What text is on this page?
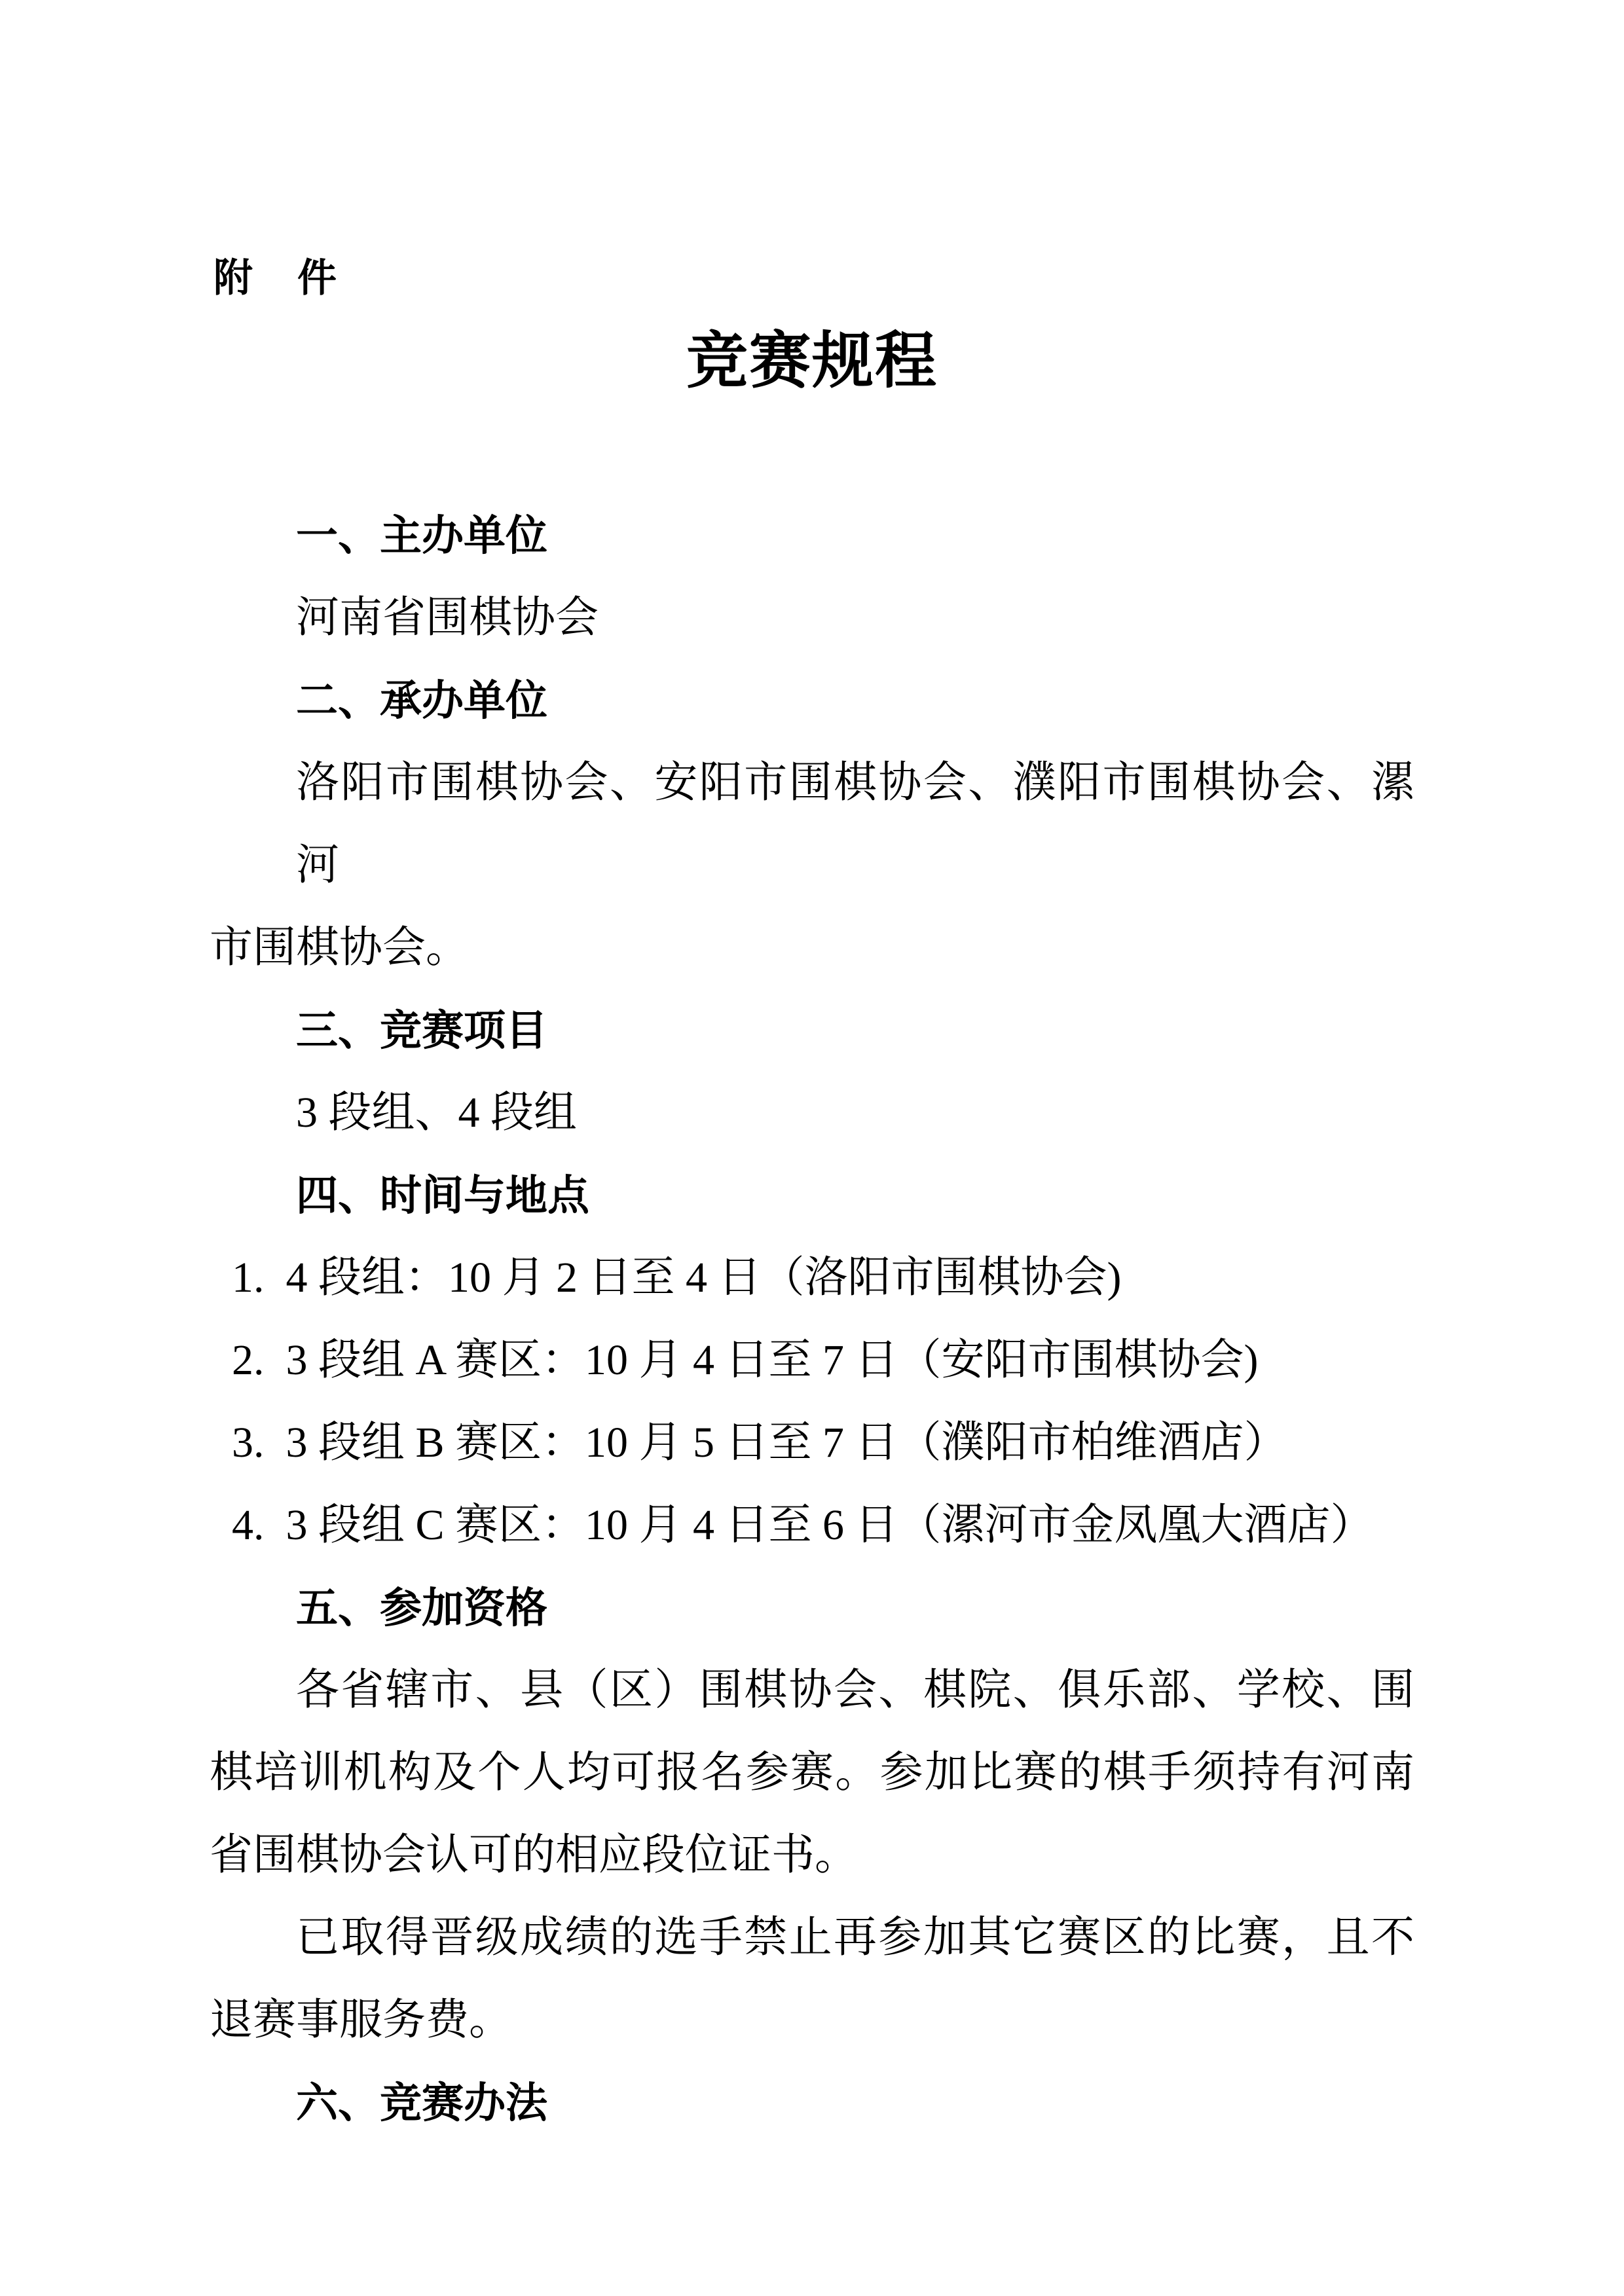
附　件
竞赛规程
一、主办单位
河南省围棋协会
二、承办单位
洛阳市围棋协会、安阳市围棋协会、濮阳市围棋协会、漯河
市围棋协会。
三、竞赛项目
3 段组、4 段组
四、时间与地点
1.  4 段组：10 月 2 日至 4 日（洛阳市围棋协会)
2.  3 段组 A 赛区：10 月 4 日至 7 日（安阳市围棋协会)
3.  3 段组 B 赛区：10 月 5 日至 7 日（濮阳市柏维酒店）
4.  3 段组 C 赛区：10 月 4 日至 6 日（漯河市金凤凰大酒店）
五、参加资格
各省辖市、县（区）围棋协会、棋院、俱乐部、学校、围
棋培训机构及个人均可报名参赛。参加比赛的棋手须持有河南
省围棋协会认可的相应段位证书。
已取得晋级成绩的选手禁止再参加其它赛区的比赛，且不
退赛事服务费。
六、竞赛办法
